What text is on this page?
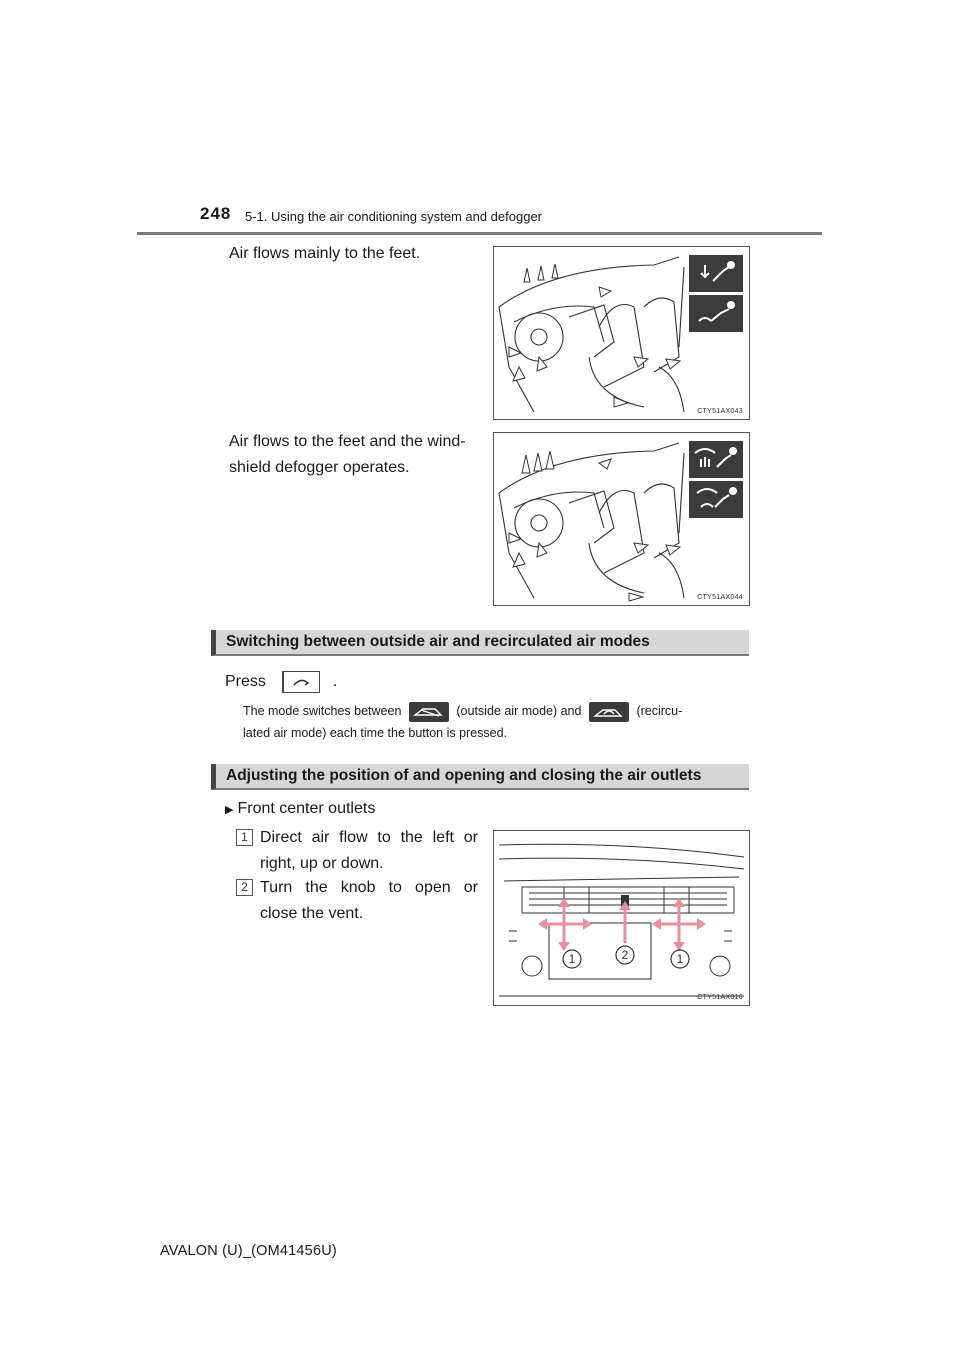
248 5-1. Using the air conditioning system and defogger
Air flows mainly to the feet.
CTY51AX043
Air flows to the feet and the wind-
shield defogger operates.
CTY51AX044
Switching between outside air and recirculated air modes
Press	.
The mode switches between	(outside air mode) and	(recircu-
lated air mode) each time the button is pressed.
Adjusting the position of and opening and closing the air outlets
▶ Front center outlets
1 Direct air flow to the left or
right, up or down.
2 Turn the knob to open or
close the vent.
1	2	1
CTY51AX016
AVALON (U)_(OM41456U)
